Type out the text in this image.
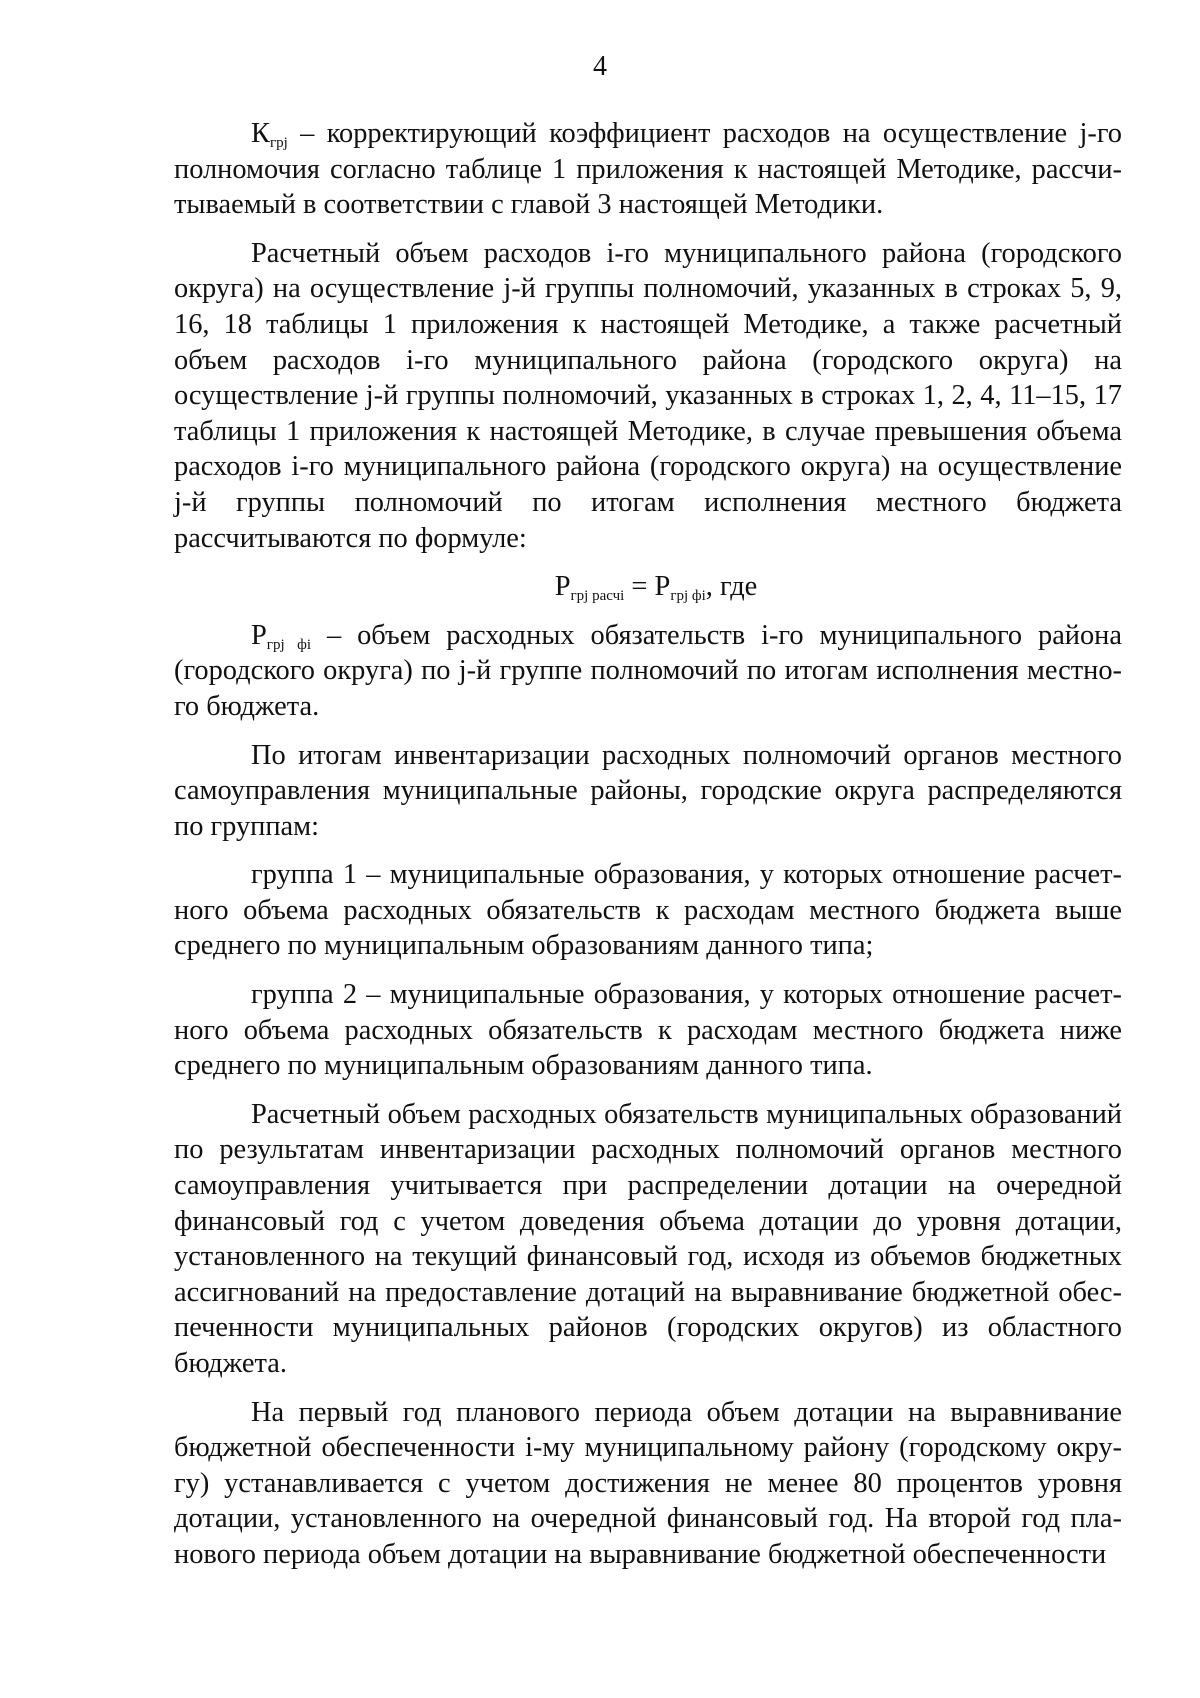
4

$К_{грj}$ – корректирующий коэффициент расходов на осуществление j-го полномочия согласно таблице 1 приложения к настоящей Методике, рассчитываемый в соответствии с главой 3 настоящей Методики.

Расчетный объем расходов i-го муниципального района (городского округа) на осуществление j-й группы полномочий, указанных в строках 5, 9, 16, 18 таблицы 1 приложения к настоящей Методике, а также расчетный объем расходов i-го муниципального района (городского округа) на осуществление j-й группы полномочий, указанных в строках 1, 2, 4, 11–15, 17 таблицы 1 приложения к настоящей Методике, в случае превышения объема расходов i-го муниципального района (городского округа) на осуществление j-й группы полномочий по итогам исполнения местного бюджета рассчитываются по формуле:

$Р_{грj расчi} = Р_{грj фi}$, где

$Р_{грj фi}$ – объем расходных обязательств i-го муниципального района (городского округа) по j-й группе полномочий по итогам исполнения местного бюджета.

По итогам инвентаризации расходных полномочий органов местного самоуправления муниципальные районы, городские округа распределяются по группам:

группа 1 – муниципальные образования, у которых отношение расчетного объема расходных обязательств к расходам местного бюджета выше среднего по муниципальным образованиям данного типа;

группа 2 – муниципальные образования, у которых отношение расчетного объема расходных обязательств к расходам местного бюджета ниже среднего по муниципальным образованиям данного типа.

Расчетный объем расходных обязательств муниципальных образований по результатам инвентаризации расходных полномочий органов местного самоуправления учитывается при распределении дотации на очередной финансовый год с учетом доведения объема дотации до уровня дотации, установленного на текущий финансовый год, исходя из объемов бюджетных ассигнований на предоставление дотаций на выравнивание бюджетной обеспеченности муниципальных районов (городских округов) из областного бюджета.

На первый год планового периода объем дотации на выравнивание бюджетной обеспеченности i-му муниципальному району (городскому округу) устанавливается с учетом достижения не менее 80 процентов уровня дотации, установленного на очередной финансовый год. На второй год планового периода объем дотации на выравнивание бюджетной обеспеченности
